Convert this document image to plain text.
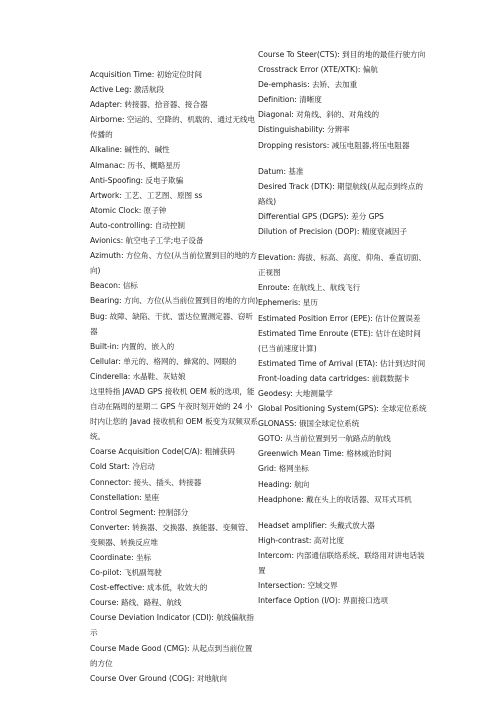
Acquisition Time: 初始定位时间

Active Leg: 激活航段

Adapter: 转接器、拾音器、接合器

Airborne: 空运的、空降的、机载的、通过无线电传播的

Alkaline: 碱性的、碱性

Almanac: 历书、概略星历

Anti-Spoofing: 反电子欺骗

Artwork: 工艺、工艺图、原图 ss

Atomic Clock: 原子钟

Auto-controlling: 自动控制

Avionics: 航空电子工学;电子设备

Azimuth: 方位角、方位(从当前位置到目的地的方向)

Beacon: 信标

Bearing: 方向、方位(从当前位置到目的地的方向)

Bug: 故障、缺陷、干扰、雷达位置测定器、窃听器

Built-in: 内置的、嵌入的

Cellular: 单元的、格网的、蜂窝的、网眼的

Cinderella: 水晶鞋、灰姑娘

这里特指 JAVAD GPS 接收机 OEM 板的选项，能自动在隔周的星期二 GPS 午夜时刻开始的 24 小时内让您的 Javad 接收机和 OEM 板变为双频双系统。

Coarse Acquisition Code(C/A): 粗捕获码

Cold Start: 冷启动

Connector: 接头、插头、转接器

Constellation: 星座

Control Segment: 控制部分

Converter: 转换器、交换器、换能器、变频管、变频器、转换反应堆

Coordinate: 坐标

Co-pilot: 飞机副驾驶

Cost-effective: 成本低，收效大的

Course: 路线、路程、航线

Course Deviation Indicator (CDI): 航线偏航指示

Course Made Good (CMG): 从起点到当前位置的方位

Course Over Ground (COG): 对地航向

Course To Steer(CTS): 到目的地的最佳行驶方向

Crosstrack Error (XTE/XTK): 偏航

De-emphasis: 去矫、去加重

Definition: 清晰度

Diagonal: 对角线、斜的、对角线的

Distinguishability: 分辨率

Dropping resistors: 减压电阻器,将压电阻器

Datum: 基准

Desired Track (DTK): 期望航线(从起点到终点的路线)

Differential GPS (DGPS): 差分 GPS

Dilution of Precision (DOP): 精度衰减因子

Elevation: 海拔、标高、高度、仰角、垂直切面、正视图

Enroute: 在航线上、航线飞行

Ephemeris: 星历

Estimated Position Error (EPE): 估计位置误差

Estimated Time Enroute (ETE): 估计在途时间(已当前速度计算)

Estimated Time of Arrival (ETA): 估计到达时间

Front-loading data cartridges: 前载数据卡

Geodesy: 大地测量学

Global Positioning System(GPS): 全球定位系统

GLONASS: 俄国全球定位系统

GOTO: 从当前位置到另一航路点的航线

Greenwich Mean Time: 格林威治时间

Grid: 格网坐标

Heading: 航向

Headphone: 戴在头上的收话器、双耳式耳机

Headset amplifier: 头戴式放大器

High-contrast: 高对比度

Intercom: 内部通信联络系统、联络用对讲电话装置

Intersection: 空域交界

Interface Option (I/O): 界面接口选项
